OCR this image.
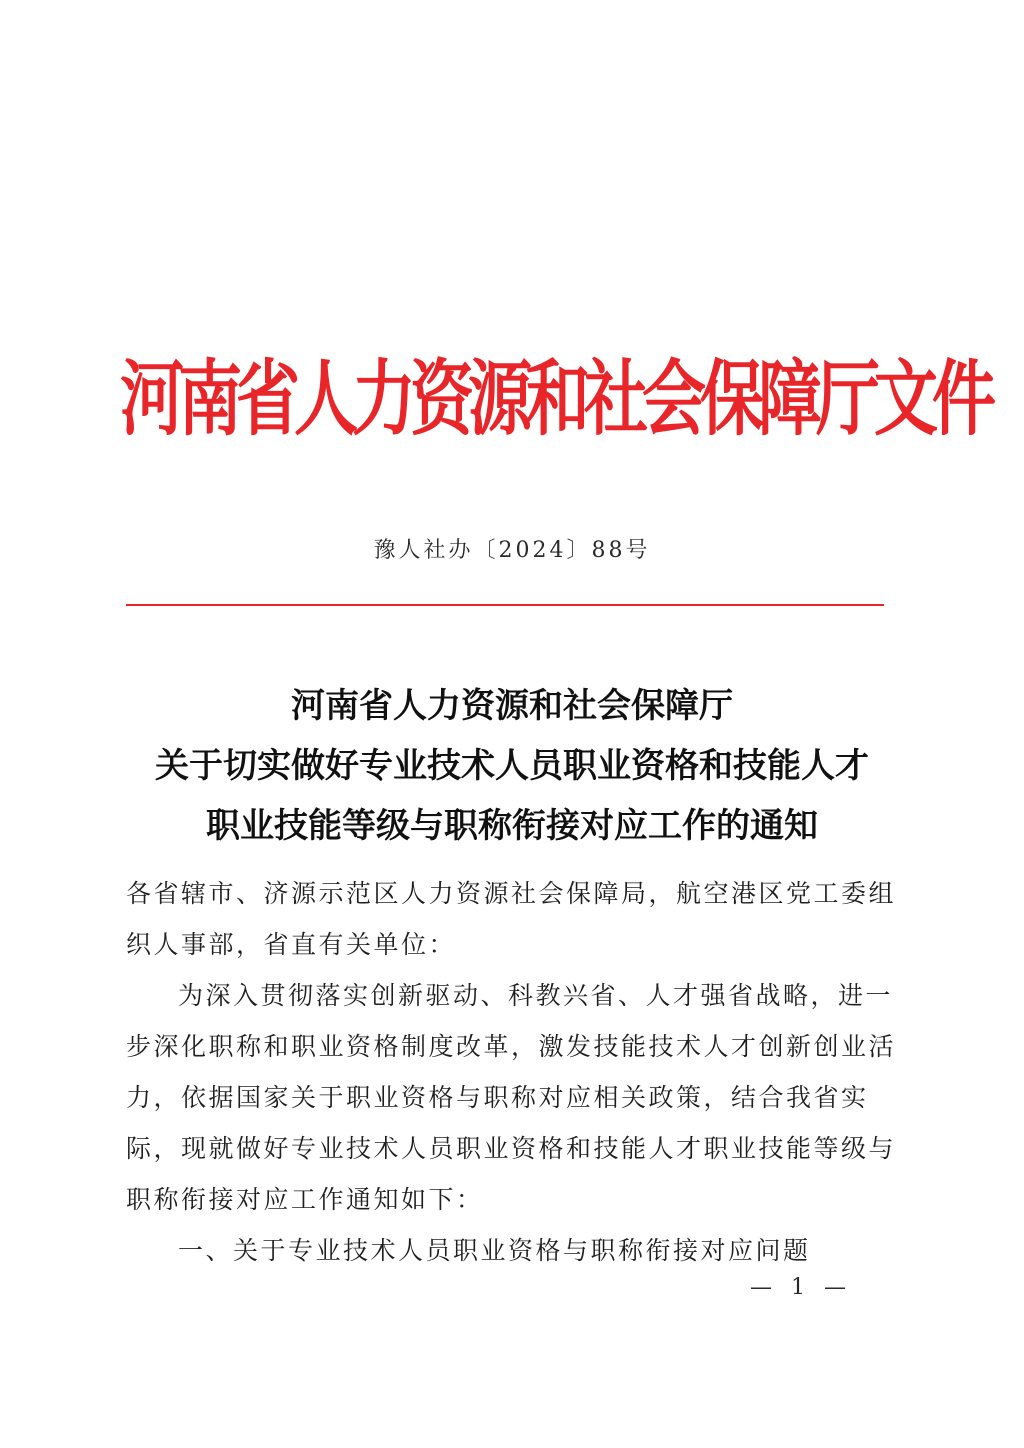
河南省人力资源和社会保障厅文件
豫人社办〔2024〕88号
河南省人力资源和社会保障厅
关于切实做好专业技术人员职业资格和技能人才
职业技能等级与职称衔接对应工作的通知
各省辖市、济源示范区人力资源社会保障局，航空港区党工委组
织人事部，省直有关单位：
为深入贯彻落实创新驱动、科教兴省、人才强省战略，进一
步深化职称和职业资格制度改革，激发技能技术人才创新创业活
力，依据国家关于职业资格与职称对应相关政策，结合我省实
际，现就做好专业技术人员职业资格和技能人才职业技能等级与
职称衔接对应工作通知如下：
一、关于专业技术人员职业资格与职称衔接对应问题
— 1 —
